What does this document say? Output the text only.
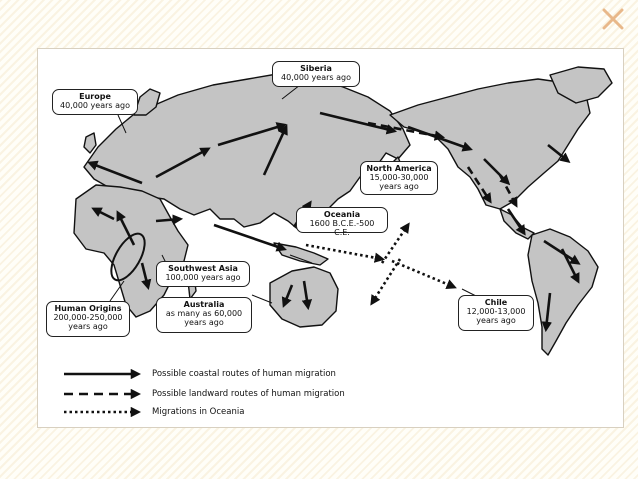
Europe
40,000 years ago
Siberia
40,000 years ago
North America
15,000-30,000
years ago
Oceania
1600 B.C.E.-500 C.E.
Southwest Asia
100,000 years ago
Australia
as many as 60,000
years ago
Human Origins
200,000-250,000
years ago
Chile
12,000-13,000
years ago
Possible coastal routes of human migration
Possible landward routes of human migration
Migrations in Oceania
